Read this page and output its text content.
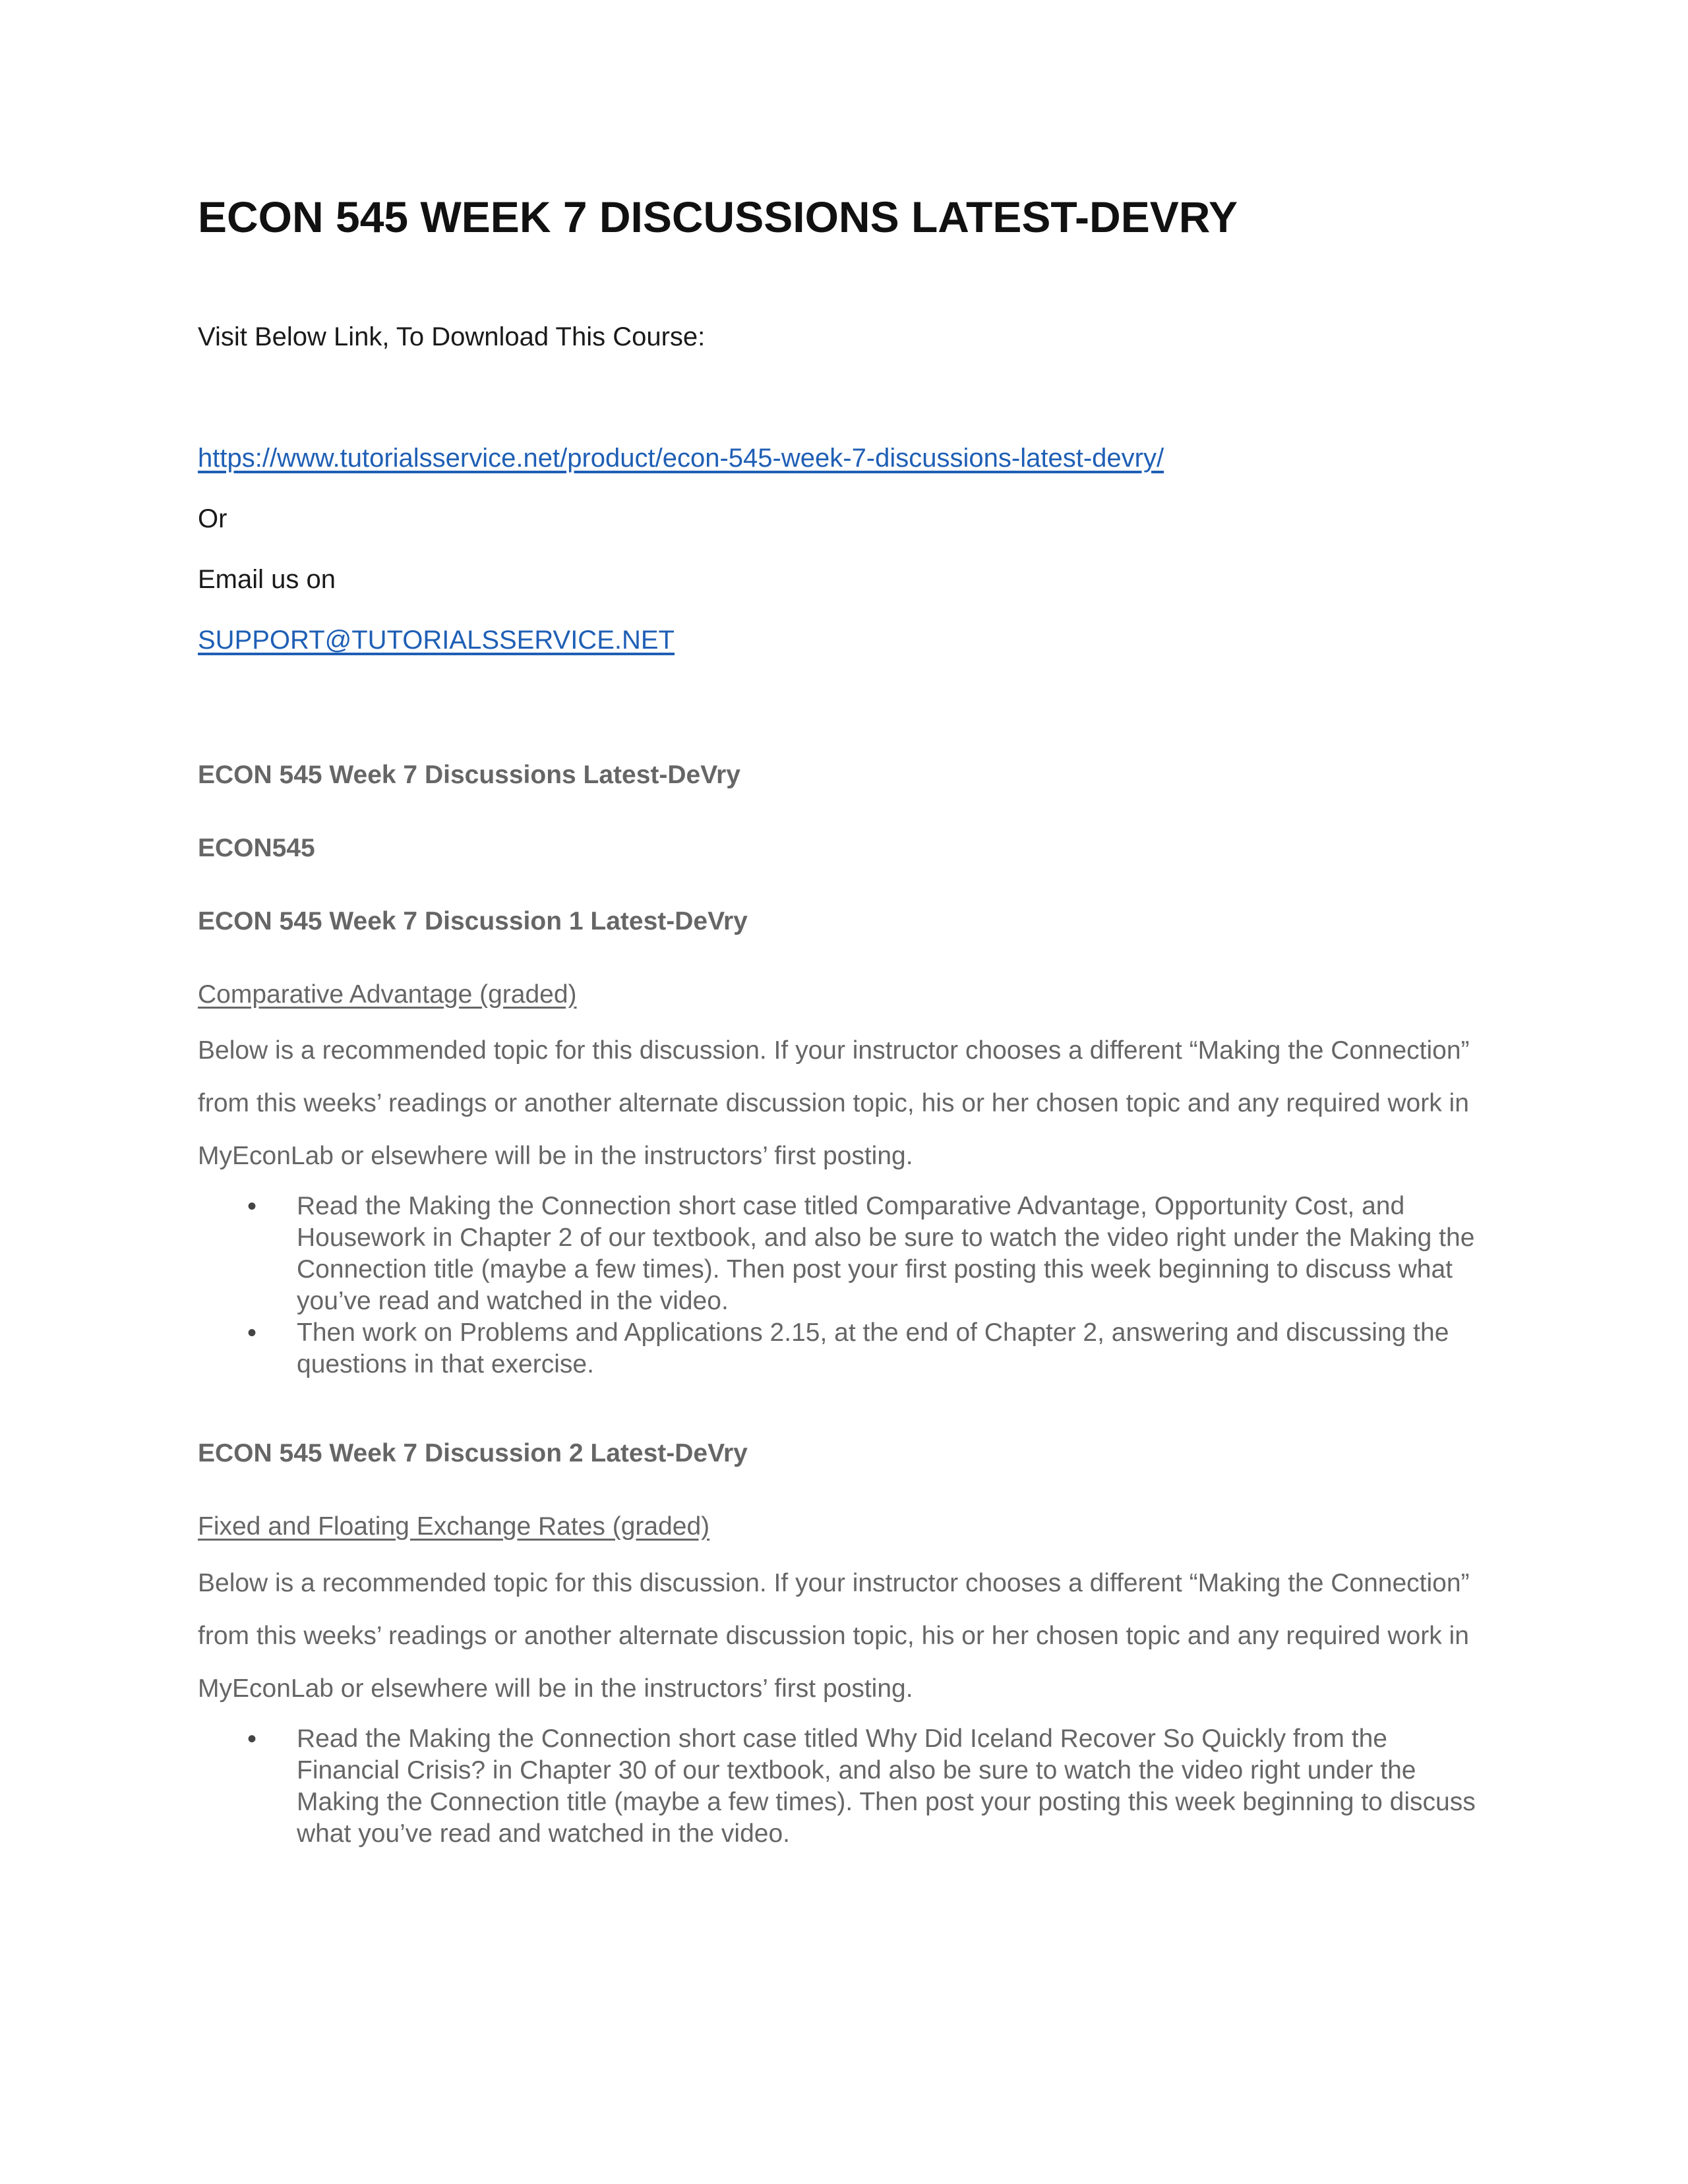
ECON 545 WEEK 7 DISCUSSIONS LATEST-DEVRY

Visit Below Link, To Download This Course:

https://www.tutorialsservice.net/product/econ-545-week-7-discussions-latest-devry/

Or

Email us on

SUPPORT@TUTORIALSSERVICE.NET

ECON 545 Week 7 Discussions Latest-DeVry

ECON545

ECON 545 Week 7 Discussion 1 Latest-DeVry

Comparative Advantage (graded)

Below is a recommended topic for this discussion. If your instructor chooses a different “Making the Connection” from this weeks’ readings or another alternate discussion topic, his or her chosen topic and any required work in MyEconLab or elsewhere will be in the instructors’ first posting.

• Read the Making the Connection short case titled Comparative Advantage, Opportunity Cost, and Housework in Chapter 2 of our textbook, and also be sure to watch the video right under the Making the Connection title (maybe a few times). Then post your first posting this week beginning to discuss what you’ve read and watched in the video.
• Then work on Problems and Applications 2.15, at the end of Chapter 2, answering and discussing the questions in that exercise.

ECON 545 Week 7 Discussion 2 Latest-DeVry

Fixed and Floating Exchange Rates (graded)

Below is a recommended topic for this discussion. If your instructor chooses a different “Making the Connection” from this weeks’ readings or another alternate discussion topic, his or her chosen topic and any required work in MyEconLab or elsewhere will be in the instructors’ first posting.

• Read the Making the Connection short case titled Why Did Iceland Recover So Quickly from the Financial Crisis? in Chapter 30 of our textbook, and also be sure to watch the video right under the Making the Connection title (maybe a few times). Then post your posting this week beginning to discuss what you’ve read and watched in the video.
